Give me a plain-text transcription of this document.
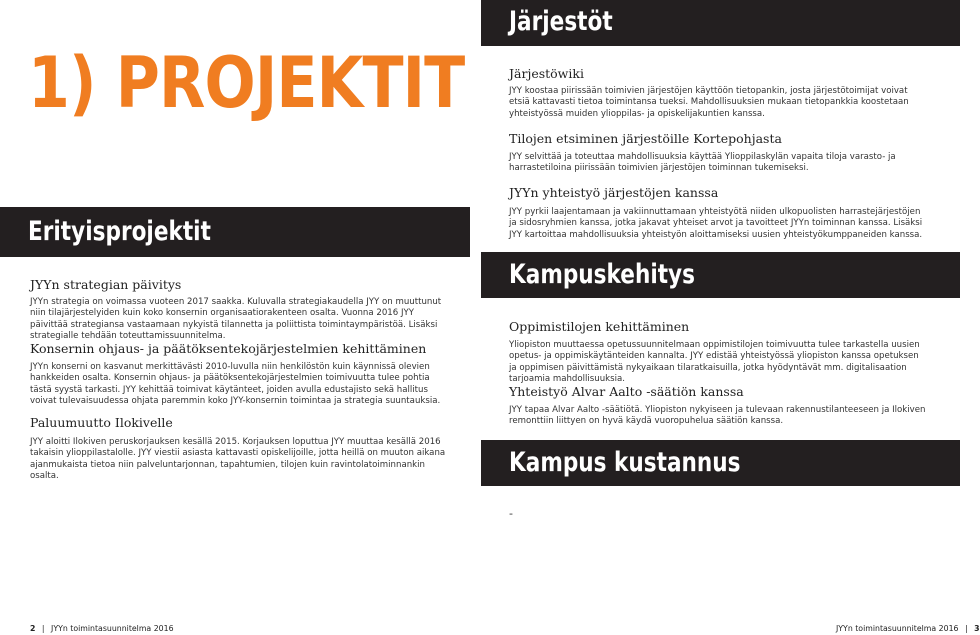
1) PROJEKTIT
Erityisprojektit
JYYn strategian päivitys
JYYn strategia on voimassa vuoteen 2017 saakka. Kuluvalla strategiakaudella JYY on muuttunut niin tilajärjestelyiden kuin koko konsernin organisaatiorakenteen osalta. Vuonna 2016 JYY päivittää strategiansa vastaamaan nykyistä tilannetta ja poliittista toimintaympäristöä. Lisäksi strategialle tehdään toteuttamissuunnitelma.
Konsernin ohjaus- ja päätöksentekojärjestelmien kehittäminen
JYYn konserni on kasvanut merkittävästi 2010-luvulla niin henkilöstön kuin käynnissä olevien hankkeiden osalta. Konsernin ohjaus- ja päätöksentekojärjestelmien toimivuutta tulee pohtia tästä syystä tarkasti. JYY kehittää toimivat käytänteet, joiden avulla edustajisto sekä hallitus voivat tulevaisuudessa ohjata paremmin koko JYY-konsernin toimintaa ja strategia suuntauksia.
Paluumuutto Ilokivelle
JYY aloitti Ilokiven peruskorjauksen kesällä 2015. Korjauksen loputtua JYY muuttaa kesällä 2016 takaisin ylioppilastalolle. JYY viestii asiasta kattavasti opiskelijoille, jotta heillä on muuton aikana ajanmukaista tietoa niin palveluntarjonnan, tapahtumien, tilojen kuin ravintolatoiminnankin osalta.
2 | JYYn toimintasuunnitelma 2016
Järjestöt
Järjestöwiki
JYY koostaa piirissään toimivien järjestöjen käyttöön tietopankin, josta järjestötoimijat voivat etsiä kattavasti tietoa toimintansa tueksi. Mahdollisuuksien mukaan tietopankkia koostetaan yhteistyössä muiden ylioppilas- ja opiskelijakuntien kanssa.
Tilojen etsiminen järjestöille Kortepohjasta
JYY selvittää ja toteuttaa mahdollisuuksia käyttää Ylioppilaskylän vapaita tiloja varasto- ja harrastetiloina piirissään toimivien järjestöjen toiminnan tukemiseksi.
JYYn yhteistyö järjestöjen kanssa
JYY pyrkii laajentamaan ja vakiinnuttamaan yhteistyötä niiden ulkopuolisten harrastejärjestöjen ja sidosryhmien kanssa, jotka jakavat yhteiset arvot ja tavoitteet JYYn toiminnan kanssa. Lisäksi JYY kartoittaa mahdollisuuksia yhteistyön aloittamiseksi uusien yhteistyökumppaneiden kanssa.
Kampuskehitys
Oppimistilojen kehittäminen
Yliopiston muuttaessa opetussuunnitelmaan oppimistilojen toimivuutta tulee tarkastella uusien opetus- ja oppimiskäytänteiden kannalta. JYY edistää yhteistyössä yliopiston kanssa opetuksen ja oppimisen päivittämistä nykyaikaan tilaratkaisuilla, jotka hyödyntävät mm. digitalisaation tarjoamia mahdollisuuksia.
Yhteistyö Alvar Aalto -säätiön kanssa
JYY tapaa Alvar Aalto -säätiötä. Yliopiston nykyiseen ja tulevaan rakennustilanteeseen ja Ilokiven remonttiin liittyen on hyvä käydä vuoropuhelua säätiön kanssa.
Kampus kustannus
-
JYYn toimintasuunnitelma 2016 | 3
